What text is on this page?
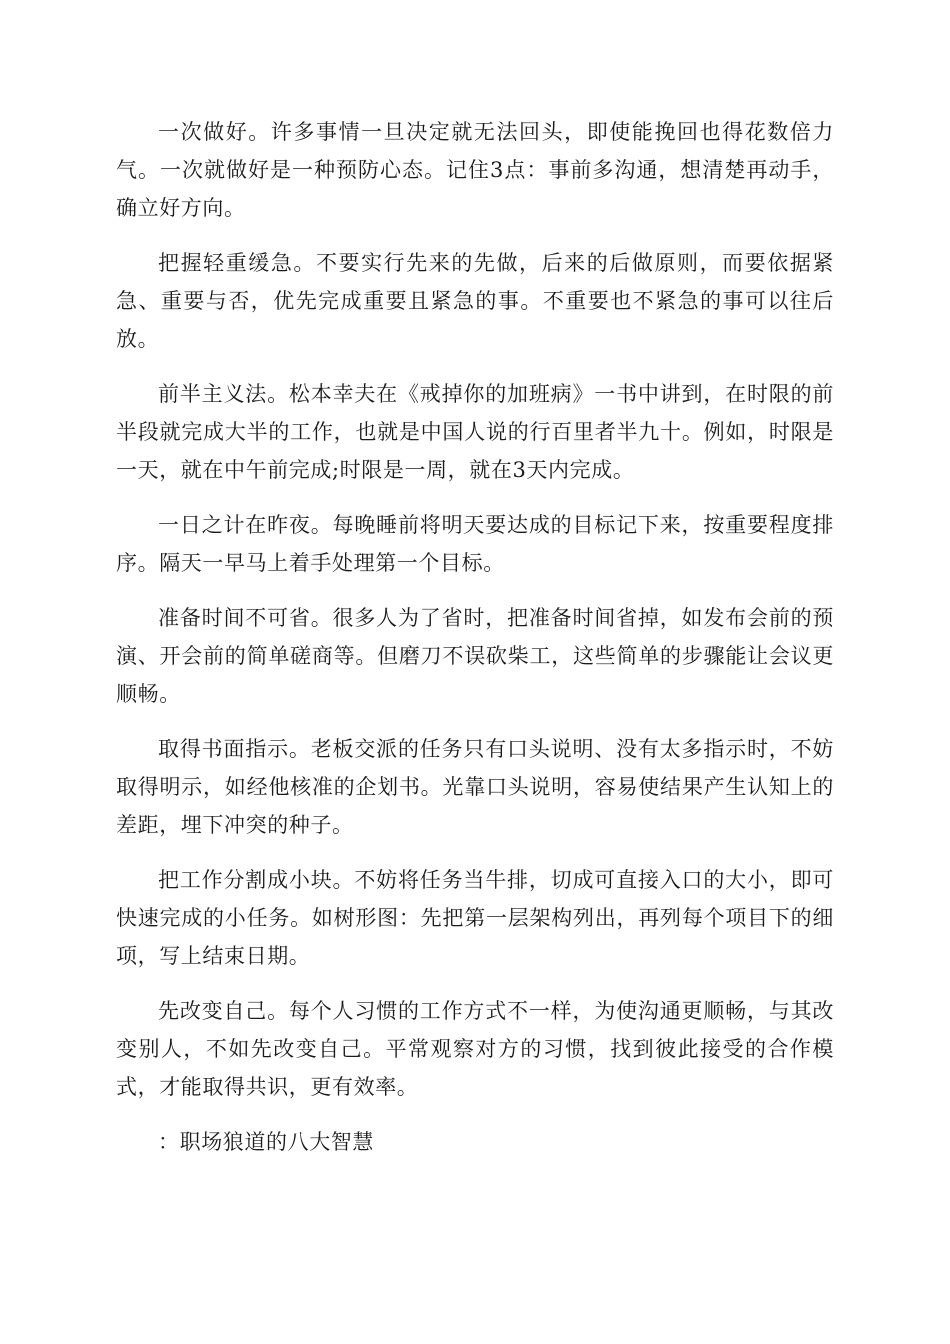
一次做好。许多事情一旦决定就无法回头，即使能挽回也得花数倍力气。一次就做好是一种预防心态。记住3点：事前多沟通，想清楚再动手，确立好方向。

把握轻重缓急。不要实行先来的先做，后来的后做原则，而要依据紧急、重要与否，优先完成重要且紧急的事。不重要也不紧急的事可以往后放。

前半主义法。松本幸夫在《戒掉你的加班病》一书中讲到，在时限的前半段就完成大半的工作，也就是中国人说的行百里者半九十。例如，时限是一天，就在中午前完成;时限是一周，就在3天内完成。

一日之计在昨夜。每晚睡前将明天要达成的目标记下来，按重要程度排序。隔天一早马上着手处理第一个目标。

准备时间不可省。很多人为了省时，把准备时间省掉，如发布会前的预演、开会前的简单磋商等。但磨刀不误砍柴工，这些简单的步骤能让会议更顺畅。

取得书面指示。老板交派的任务只有口头说明、没有太多指示时，不妨取得明示，如经他核准的企划书。光靠口头说明，容易使结果产生认知上的差距，埋下冲突的种子。

把工作分割成小块。不妨将任务当牛排，切成可直接入口的大小，即可快速完成的小任务。如树形图：先把第一层架构列出，再列每个项目下的细项，写上结束日期。

先改变自己。每个人习惯的工作方式不一样，为使沟通更顺畅，与其改变别人，不如先改变自己。平常观察对方的习惯，找到彼此接受的合作模式，才能取得共识，更有效率。

：职场狼道的八大智慧
